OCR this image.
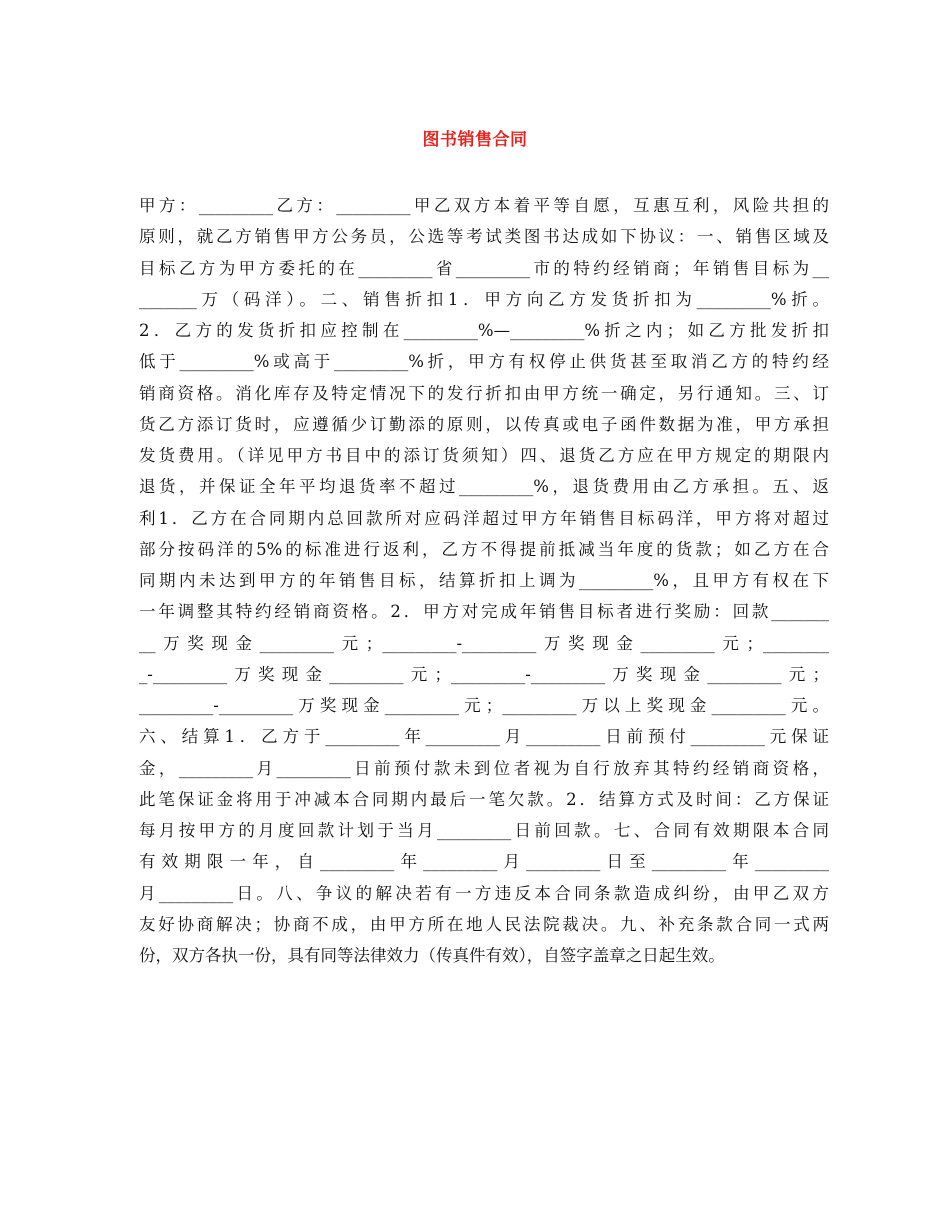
图书销售合同
甲方：_________乙方：_________甲乙双方本着平等自愿，互惠互利，风险共担的
原则，就乙方销售甲方公务员，公选等考试类图书达成如下协议：一、销售区域及
目标乙方为甲方委托的在_________省_________市的特约经销商；年销售目标为__
_______万（码洋）。二、销售折扣1．甲方向乙方发货折扣为_________%折。
2．乙方的发货折扣应控制在_________%—_________%折之内；如乙方批发折扣
低于_________%或高于_________%折，甲方有权停止供货甚至取消乙方的特约经
销商资格。消化库存及特定情况下的发行折扣由甲方统一确定，另行通知。三、订
货乙方添订货时，应遵循少订勤添的原则，以传真或电子函件数据为准，甲方承担
发货费用。（详见甲方书目中的添订货须知）四、退货乙方应在甲方规定的期限内
退货，并保证全年平均退货率不超过_________%，退货费用由乙方承担。五、返
利1．乙方在合同期内总回款所对应码洋超过甲方年销售目标码洋，甲方将对超过
部分按码洋的5%的标准进行返利，乙方不得提前抵减当年度的货款；如乙方在合
同期内未达到甲方的年销售目标，结算折扣上调为_________%，且甲方有权在下
一年调整其特约经销商资格。2．甲方对完成年销售目标者进行奖励：回款_______
__万奖现金_________元；_________-_________万奖现金_________元；________
_-_________万奖现金_________元；_________-_________万奖现金_________元；
_________-_________万奖现金_________元；_________万以上奖现金_________元。
六、结算1．乙方于_________年_________月_________日前预付_________元保证
金，_________月_________日前预付款未到位者视为自行放弃其特约经销商资格，
此笔保证金将用于冲减本合同期内最后一笔欠款。2．结算方式及时间：乙方保证
每月按甲方的月度回款计划于当月_________日前回款。七、合同有效期限本合同
有效期限一年，自_________年_________月_________日至_________年_________
月_________日。八、争议的解决若有一方违反本合同条款造成纠纷，由甲乙双方
友好协商解决；协商不成，由甲方所在地人民法院裁决。九、补充条款合同一式两
份，双方各执一份，具有同等法律效力（传真件有效），自签字盖章之日起生效。
